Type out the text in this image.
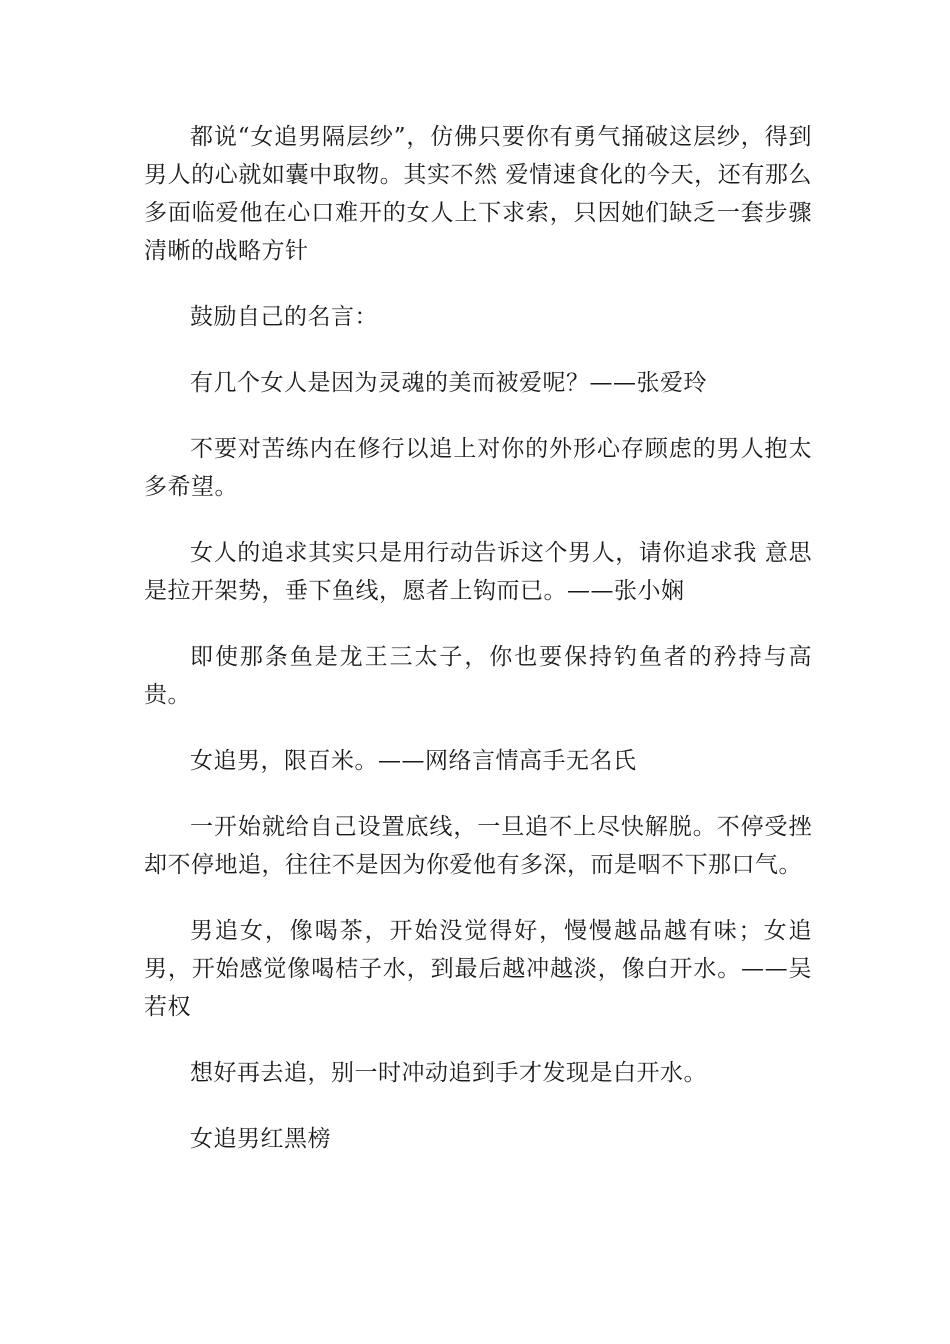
都说“女追男隔层纱”，仿佛只要你有勇气捅破这层纱，得到男人的心就如囊中取物。其实不然 爱情速食化的今天，还有那么多面临爱他在心口难开的女人上下求索，只因她们缺乏一套步骤清晰的战略方针

鼓励自己的名言：

有几个女人是因为灵魂的美而被爱呢？——张爱玲

不要对苦练内在修行以追上对你的外形心存顾虑的男人抱太多希望。

女人的追求其实只是用行动告诉这个男人，请你追求我 意思是拉开架势，垂下鱼线，愿者上钩而已。——张小娴

即使那条鱼是龙王三太子，你也要保持钓鱼者的矜持与高贵。

女追男，限百米。——网络言情高手无名氏

一开始就给自己设置底线，一旦追不上尽快解脱。不停受挫却不停地追，往往不是因为你爱他有多深，而是咽不下那口气。

男追女，像喝茶，开始没觉得好，慢慢越品越有味；女追男，开始感觉像喝桔子水，到最后越冲越淡，像白开水。——吴若权

想好再去追，别一时冲动追到手才发现是白开水。

女追男红黑榜
